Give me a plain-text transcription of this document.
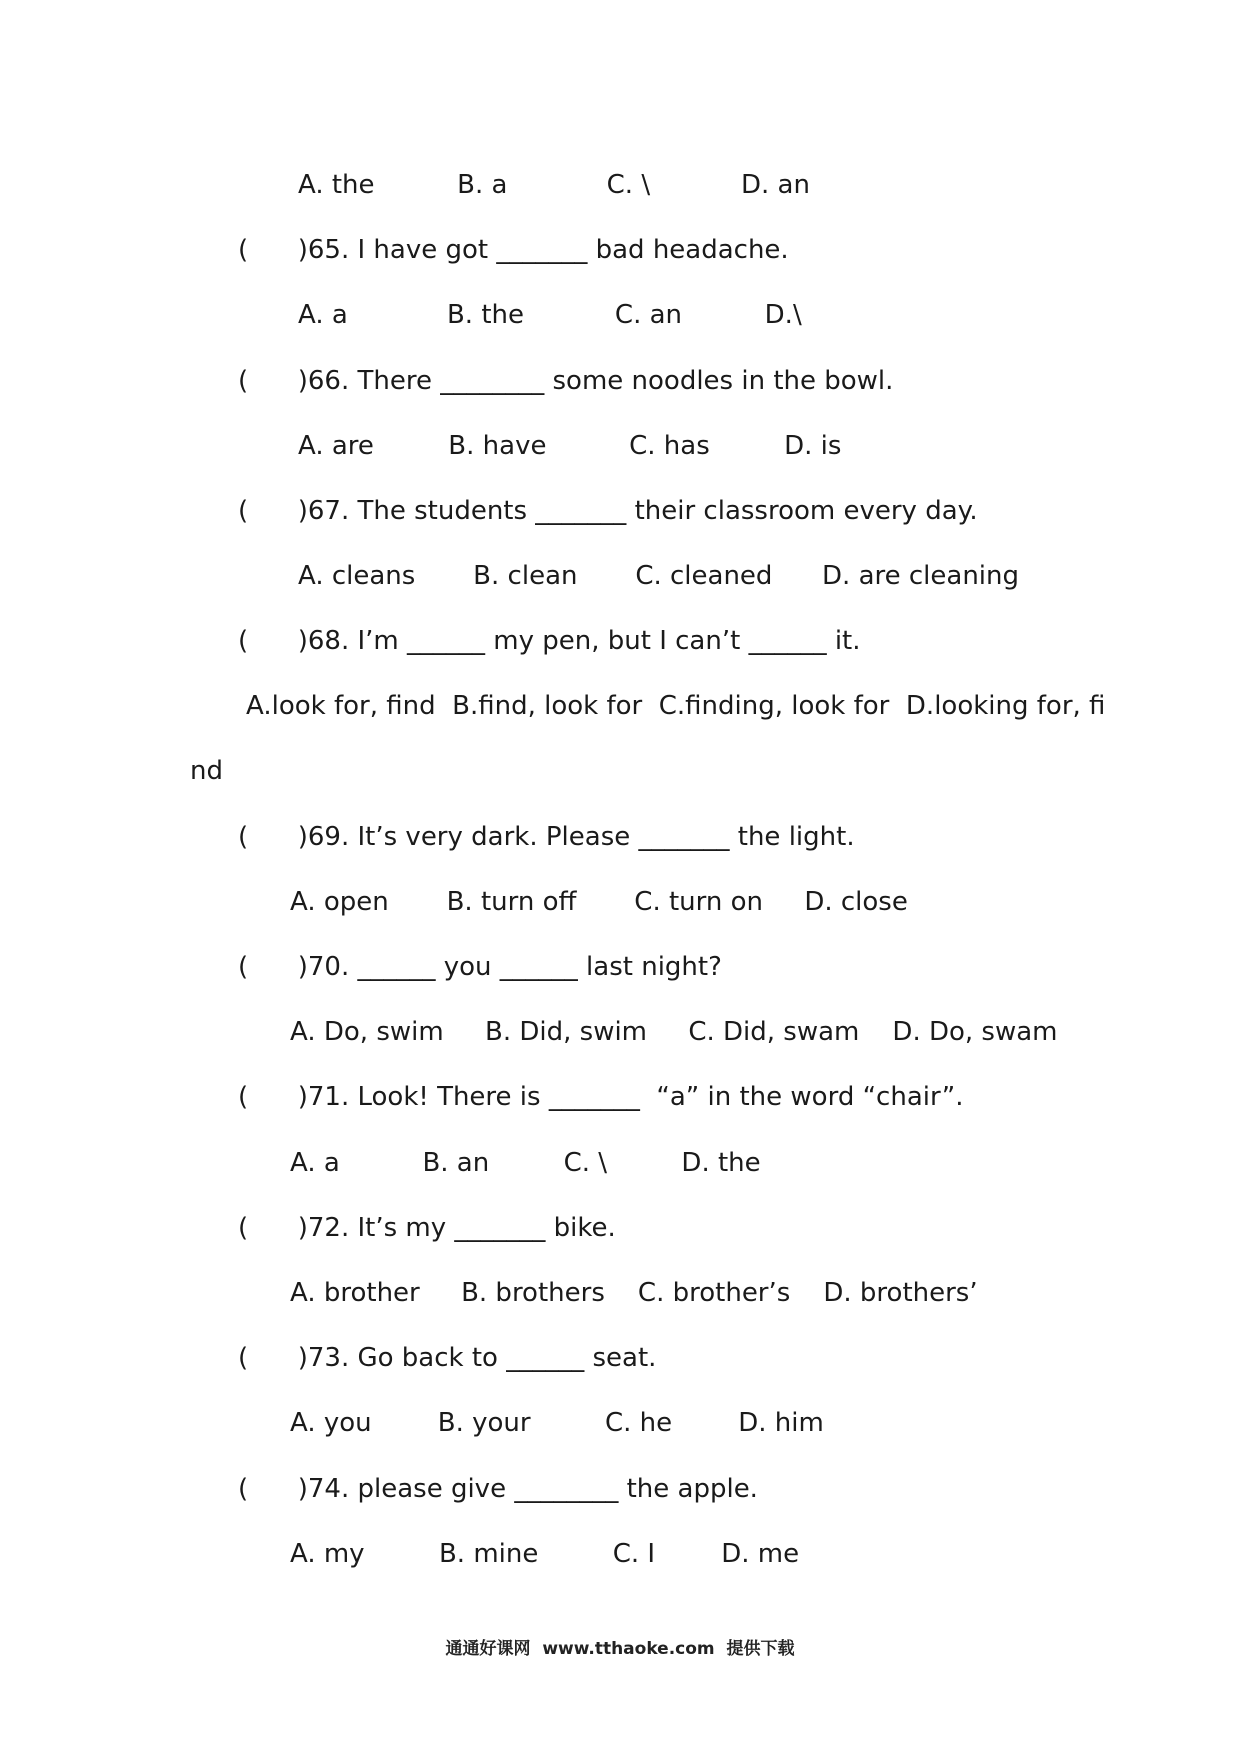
A. the          B. a            C. \           D. an
(      )65. I have got _______ bad headache.
A. a            B. the           C. an          D.\
(      )66. There ________ some noodles in the bowl.
A. are         B. have          C. has         D. is
(      )67. The students _______ their classroom every day.
A. cleans       B. clean       C. cleaned      D. are cleaning
(      )68. I’m ______ my pen, but I can’t ______ it.
A.look for, find  B.find, look for  C.finding, look for  D.looking for, fi
nd
(      )69. It’s very dark. Please _______ the light.
A. open       B. turn off       C. turn on     D. close
(      )70. ______ you ______ last night?
A. Do, swim     B. Did, swim     C. Did, swam    D. Do, swam
(      )71. Look! There is _______  “a” in the word “chair”.
A. a          B. an         C. \         D. the
(      )72. It’s my _______ bike.
A. brother     B. brothers    C. brother’s    D. brothers’
(      )73. Go back to ______ seat.
A. you        B. your         C. he        D. him
(      )74. please give ________ the apple.
A. my         B. mine         C. I        D. me
通通好课网  www.tthaoke.com  提供下载
